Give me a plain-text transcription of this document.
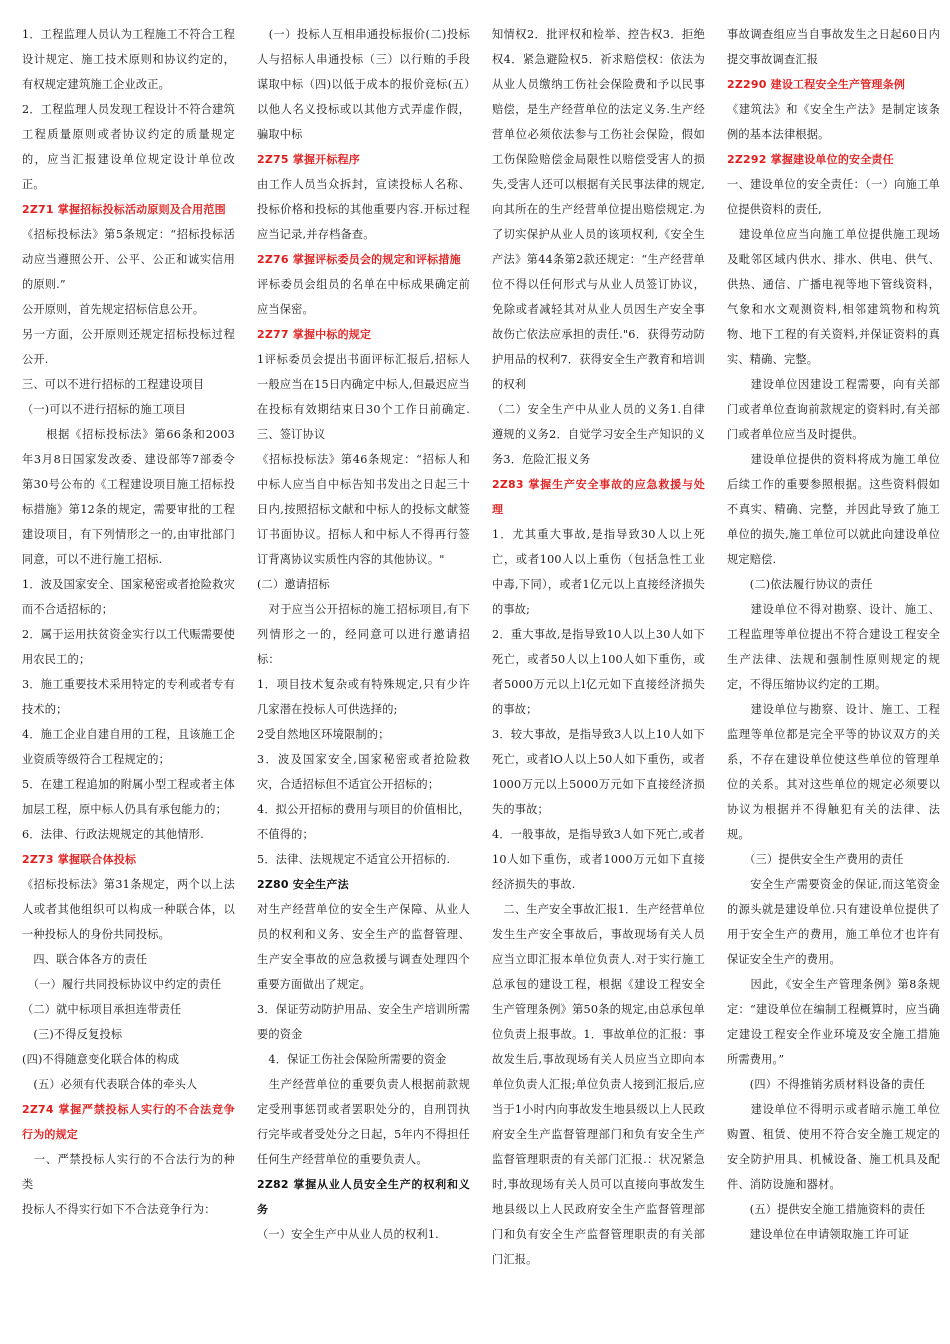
1．工程监理人员认为工程施工不符合工程设计规定、施工技术原则和协议约定的，有权规定建筑施工企业改正。

2．工程监理人员发现工程设计不符合建筑工程质量原则或者协议约定的质量规定的，应当汇报建设单位规定设计单位改正。

2Z71 掌握招标投标活动原则及合用范围

《招标投标法》第5条规定：“招标投标活动应当遵照公开、公平、公正和诚实信用的原则.”

公开原则，首先规定招标信息公开。

另一方面，公开原则还规定招标投标过程公开.

三、可以不进行招标的工程建设项目

（一)可以不进行招标的施工项目

　　根据《招标投标法》第66条和2003年3月8日国家发改委、建设部等7部委令第30号公布的《工程建设项目施工招标投标措施》第12条的规定，需要审批的工程建设项目，有下列情形之一的,由审批部门同意，可以不进行施工招标.

1．波及国家安全、国家秘密或者抢险救灾而不合适招标的；

2．属于运用扶贫资金实行以工代赈需要使用农民工的；

3．施工重要技术采用特定的专利或者专有技术的；

4．施工企业自建自用的工程，且该施工企业资质等级符合工程规定的；

5．在建工程追加的附属小型工程或者主体加层工程，原中标人仍具有承包能力的；

6．法律、行政法规规定的其他情形.

2Z73 掌握联合体投标

《招标投标法》第31条规定，两个以上法人或者其他组织可以构成一种联合体，以一种投标人的身份共同投标。

　四、联合体各方的责任

　（一）履行共同投标协议中约定的责任

（二）就中标项目承担连带责任

　(三)不得反复投标

(四)不得随意变化联合体的构成

　(五）必须有代表联合体的牵头人

2Z74 掌握严禁投标人实行的不合法竞争行为的规定

　一、严禁投标人实行的不合法行为的种类

投标人不得实行如下不合法竞争行为：

　(一）投标人互相串通投标报价(二)投标人与招标人串通投标（三）以行贿的手段谋取中标（四)以低于成本的报价竞标(五）以他人名义投标或以其他方式弄虚作假，骗取中标

2Z75 掌握开标程序

由工作人员当众拆封，宣读投标人名称、投标价格和投标的其他重要内容.开标过程应当记录,并存档备查。

2Z76 掌握评标委员会的规定和评标措施

评标委员会组员的名单在中标成果确定前应当保密。

2Z77 掌握中标的规定

1评标委员会提出书面评标汇报后,招标人一般应当在15日内确定中标人,但最迟应当在投标有效期结束日30个工作日前确定.三、签订协议

《招标投标法》第46条规定：“招标人和中标人应当自中标告知书发出之日起三十日内,按照招标文献和中标人的投标文献签订书面协议。招标人和中标人不得再行签订背离协议实质性内容的其他协议。"

(二）邀请招标

　对于应当公开招标的施工招标项目,有下列情形之一的，经同意可以进行邀请招标：

1．项目技术复杂或有特殊规定,只有少许几家潜在投标人可供选择的;

2受自然地区环境限制的；

3．波及国家安全,国家秘密或者抢险救灾，合适招标但不适宜公开招标的；

4．拟公开招标的费用与项目的价值相比，不值得的；

5．法律、法规规定不适宜公开招标的.

2Z80 安全生产法

对生产经营单位的安全生产保障、从业人员的权利和义务、安全生产的监督管理、生产安全事故的应急救援与调查处理四个重要方面做出了规定。

3．保证劳动防护用品、安全生产培训所需要的资金

　4．保证工伤社会保险所需要的资金

　生产经营单位的重要负责人根据前款规定受刑事惩罚或者罢职处分的，自刑罚执行完毕或者受处分之日起，5年内不得担任任何生产经营单位的重要负责人。

2Z82 掌握从业人员安全生产的权利和义务

（一）安全生产中从业人员的权利1.

知情权2．批评权和检举、控告权3．拒绝权4．紧急避险权5．祈求赔偿权：依法为从业人员缴纳工伤社会保险费和予以民事赔偿，是生产经营单位的法定义务.生产经营单位必须依法参与工伤社会保险，假如工伤保险赔偿金局限性以赔偿受害人的损失,受害人还可以根据有关民事法律的规定,向其所在的生产经营单位提出赔偿规定.为了切实保护从业人员的该项权利,《安全生产法》第44条第2款还规定：“生产经营单位不得以任何形式与从业人员签订协议，免除或者减轻其对从业人员因生产安全事故伤亡依法应承担的责任."6．获得劳动防护用品的权利7．获得安全生产教育和培训的权利

（二）安全生产中从业人员的义务1.自律遵规的义务2．自觉学习安全生产知识的义务3．危险汇报义务

2Z83 掌握生产安全事故的应急救援与处理

1．尤其重大事故,是指导致30人以上死亡，或者100人以上重伤（包括急性工业中毒,下同），或者1亿元以上直接经济损失的事故;

2．重大事故,是指导致10人以上30人如下死亡，或者50人以上100人如下重伤，或者5000万元以上l亿元如下直接经济损失的事故；

3．较大事故，是指导致3人以上10人如下死亡，或者lO人以上50人如下重伤，或者1000万元以上5000万元如下直接经济损失的事故；

4．一般事故，是指导致3人如下死亡,或者10人如下重伤，或者1000万元如下直接经济损失的事故.

　二、生产安全事故汇报1．生产经营单位发生生产安全事故后，事故现场有关人员应当立即汇报本单位负责人.对于实行施工总承包的建设工程，根据《建设工程安全生产管理条例》第50条的规定,由总承包单位负责上报事故。1．事故单位的汇报：事故发生后,事故现场有关人员应当立即向本单位负责人汇报;单位负责人接到汇报后,应当于1小时内向事故发生地县级以上人民政府安全生产监督管理部门和负有安全生产监督管理职责的有关部门汇报.：状况紧急时,事故现场有关人员可以直接向事故发生地县级以上人民政府安全生产监督管理部门和负有安全生产监督管理职责的有关部门汇报。

事故调查组应当自事故发生之日起60日内提交事故调查汇报

2Z290 建设工程安全生产管理条例

《建筑法》和《安全生产法》是制定该条例的基本法律根据。

2Z292 掌握建设单位的安全责任

一、建设单位的安全责任：（一）向施工单位提供资料的责任,

　建设单位应当向施工单位提供施工现场及毗邻区域内供水、排水、供电、供气、供热、通信、广播电视等地下管线资料，气象和水文观测资料,相邻建筑物和构筑物、地下工程的有关资料,并保证资料的真实、精确、完整。

　　建设单位因建设工程需要，向有关部门或者单位查询前款规定的资料时,有关部门或者单位应当及时提供。

　　建设单位提供的资料将成为施工单位后续工作的重要参照根据。这些资料假如不真实、精确、完整，并因此导致了施工单位的损失,施工单位可以就此向建设单位规定赔偿.

　　(二)依法履行协议的责任

　　建设单位不得对勘察、设计、施工、工程监理等单位提出不符合建设工程安全生产法律、法规和强制性原则规定的规定，不得压缩协议约定的工期。

　　建设单位与勘察、设计、施工、工程监理等单位都是完全平等的协议双方的关系，不存在建设单位使这些单位的管理单位的关系。其对这些单位的规定必须要以协议为根据并不得触犯有关的法律、法规。

　　（三）提供安全生产费用的责任

　　安全生产需要资金的保证,而这笔资金的源头就是建设单位.只有建设单位提供了用于安全生产的费用，施工单位才也许有保证安全生产的费用。

　　因此，《安全生产管理条例》第8条规定：“建设单位在编制工程概算时，应当确定建设工程安全作业环境及安全施工措施所需费用。”

　　(四）不得推销劣质材料设备的责任

　　建设单位不得明示或者暗示施工单位购置、租赁、使用不符合安全施工规定的安全防护用具、机械设备、施工机具及配件、消防设施和器材。

　　(五）提供安全施工措施资料的责任

　　建设单位在申请领取施工许可证
